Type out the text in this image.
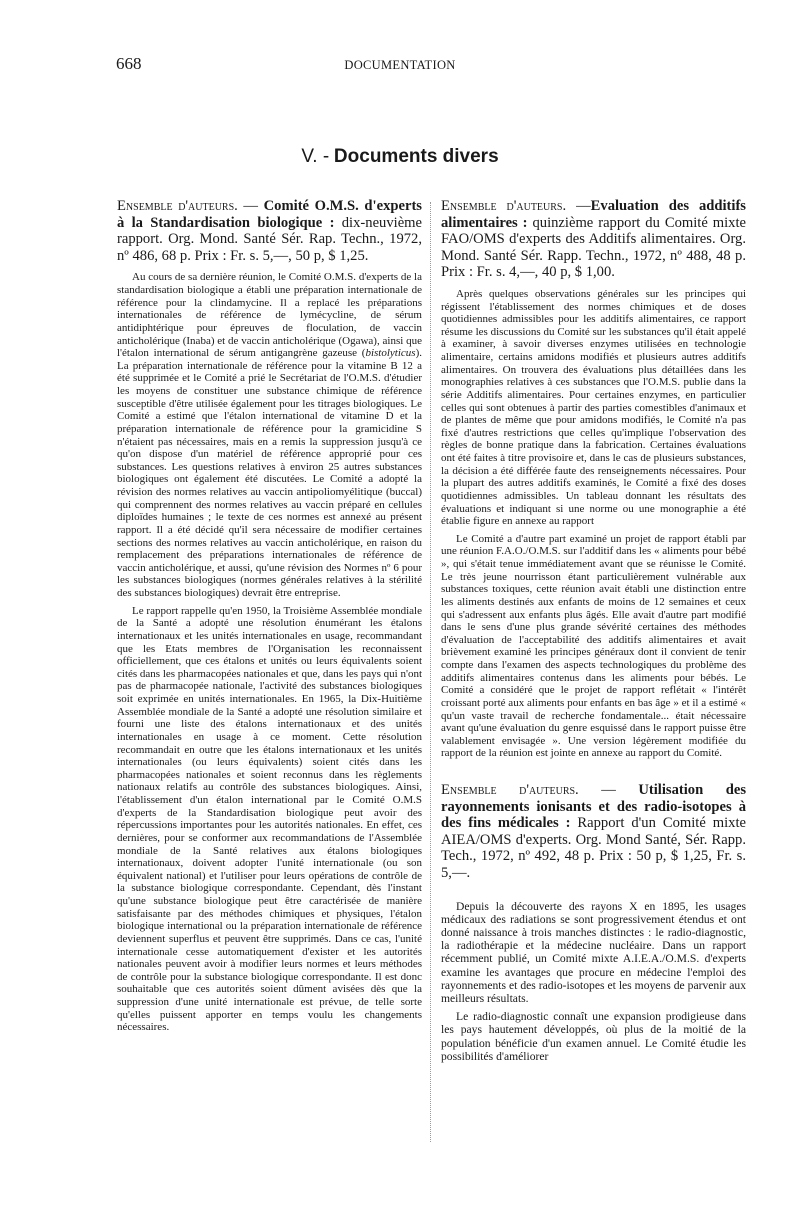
668	DOCUMENTATION
V. - Documents divers
Ensemble d'auteurs. — Comité O.M.S. d'experts à la Standardisation biologique : dix-neuvième rapport. Org. Mond. Santé Sér. Rap. Techn., 1972, nº 486, 68 p. Prix : Fr. s. 5,—, 50 p, $ 1,25.

Au cours de sa dernière réunion, le Comité O.M.S. d'experts de la standardisation biologique a établi une préparation internationale de référence pour la clindamycine. Il a replacé les préparations internationales de référence de lymécycline, de sérum antidiphtérique pour épreuves de floculation, de vaccin anticholérique (Inaba) et de vaccin anticholérique (Ogawa), ainsi que l'étalon international de sérum antigangrène gazeuse (bistolyticus). La préparation internationale de référence pour la vitamine B 12 a été supprimée et le Comité a prié le Secrétariat de l'O.M.S. d'étudier les moyens de constituer une substance chimique de référence susceptible d'être utilisée également pour les titrages biologiques. Le Comité a estimé que l'étalon international de vitamine D et la préparation internationale de référence pour la gramicidine S n'étaient pas nécessaires, mais en a remis la suppression jusqu'à ce qu'on dispose d'un matériel de référence approprié pour ces substances. Les questions relatives à environ 25 autres substances biologiques ont également été discutées. Le Comité a adopté la révision des normes relatives au vaccin antipoliomyélitique (buccal) qui comprennent des normes relatives au vaccin préparé en cellules diploïdes humaines ; le texte de ces normes est annexé au présent rapport. Il a été décidé qu'il sera nécessaire de modifier certaines sections des normes relatives au vaccin anticholérique, en raison du remplacement des préparations internationales de référence de vaccin anticholérique, et aussi, qu'une révision des Normes nº 6 pour les substances biologiques (normes générales relatives à la stérilité des substances biologiques) devrait être entreprise.

Le rapport rappelle qu'en 1950, la Troisième Assemblée mondiale de la Santé a adopté une résolution énumérant les étalons internationaux et les unités internationales en usage, recommandant que les Etats membres de l'Organisation les reconnaissent officiellement, que ces étalons et unités ou leurs équivalents soient cités dans les pharmacopées nationales et que, dans les pays qui n'ont pas de pharmacopée nationale, l'activité des substances biologiques soit exprimée en unités internationales. En 1965, la Dix-Huitième Assemblée mondiale de la Santé a adopté une résolution similaire et fourni une liste des étalons internationaux et des unités internationales en usage à ce moment. Cette résolution recommandait en outre que les étalons internationaux et les unités internationales (ou leurs équivalents) soient cités dans les pharmacopées nationales et soient reconnus dans les règlements nationaux relatifs au contrôle des substances biologiques. Ainsi, l'établissement d'un étalon international par le Comité O.M.S d'experts de la Standardisation biologique peut avoir des répercussions importantes pour les autorités nationales. En effet, ces dernières, pour se conformer aux recommandations de l'Assemblée mondiale de la Santé relatives aux étalons biologiques internationaux, doivent adopter l'unité internationale (ou son équivalent national) et l'utiliser pour leurs opérations de contrôle de la substance biologique correspondante. Cependant, dès l'instant qu'une substance biologique peut être caractérisée de manière satisfaisante par des méthodes chimiques et physiques, l'étalon biologique international ou la préparation internationale de référence deviennent superflus et peuvent être supprimés. Dans ce cas, l'unité internationale cesse automatiquement d'exister et les autorités nationales peuvent avoir à modifier leurs normes et leurs méthodes de contrôle pour la substance biologique correspondante. Il est donc souhaitable que ces autorités soient dûment avisées dès que la suppression d'une unité internationale est prévue, de telle sorte qu'elles puissent apporter en temps voulu les changements nécessaires.

Ensemble d'auteurs. —Evaluation des additifs alimentaires : quinzième rapport du Comité mixte FAO/OMS d'experts des Additifs alimentaires. Org. Mond. Santé Sér. Rapp. Techn., 1972, nº 488, 48 p. Prix : Fr. s. 4,—, 40 p, $ 1,00.

Après quelques observations générales sur les principes qui régissent l'établissement des normes chimiques et de doses quotidiennes admissibles pour les additifs alimentaires, ce rapport résume les discussions du Comité sur les substances qu'il était appelé à examiner, à savoir diverses enzymes utilisées en technologie alimentaire, certains amidons modifiés et plusieurs autres additifs alimentaires. On trouvera des évaluations plus détaillées dans les monographies relatives à ces substances que l'O.M.S. publie dans la série Additifs alimentaires. Pour certaines enzymes, en particulier celles qui sont obtenues à partir des parties comestibles d'animaux et de plantes de même que pour amidons modifiés, le Comité n'a pas fixé d'autres restrictions que celles qu'implique l'observation des règles de bonne pratique dans la fabrication. Certaines évaluations ont été faites à titre provisoire et, dans le cas de plusieurs substances, la décision a été différée faute des renseignements nécessaires. Pour la plupart des autres additifs examinés, le Comité a fixé des doses quotidiennes admissibles. Un tableau donnant les résultats des évaluations et indiquant si une norme ou une monographie a été établie figure en annexe au rapport

Le Comité a d'autre part examiné un projet de rapport établi par une réunion F.A.O./O.M.S. sur l'additif dans les « aliments pour bébé », qui s'était tenue immédiatement avant que se réunisse le Comité. Le très jeune nourrisson étant particulièrement vulnérable aux substances toxiques, cette réunion avait établi une distinction entre les aliments destinés aux enfants de moins de 12 semaines et ceux qui s'adressent aux enfants plus âgés. Elle avait d'autre part modifié dans le sens d'une plus grande sévérité certaines des méthodes d'évaluation de l'acceptabilité des additifs alimentaires et avait brièvement examiné les principes généraux dont il convient de tenir compte dans l'examen des aspects technologiques du problème des additifs alimentaires contenus dans les aliments pour bébés. Le Comité a considéré que le projet de rapport reflétait « l'intérêt croissant porté aux aliments pour enfants en bas âge » et il a estimé « qu'un vaste travail de recherche fondamentale... était nécessaire avant qu'une évaluation du genre esquissé dans le rapport puisse être valablement envisagée ». Une version légèrement modifiée du rapport de la réunion est jointe en annexe au rapport du Comité.

Ensemble d'auteurs. — Utilisation des rayonnements ionisants et des radio-isotopes à des fins médicales : Rapport d'un Comité mixte AIEA/OMS d'experts. Org. Mond Santé, Sér. Rapp. Tech., 1972, nº 492, 48 p. Prix : 50 p, $ 1,25, Fr. s. 5,—.

Depuis la découverte des rayons X en 1895, les usages médicaux des radiations se sont progressivement étendus et ont donné naissance à trois manches distinctes : le radio-diagnostic, la radiothérapie et la médecine nucléaire. Dans un rapport récemment publié, un Comité mixte A.I.E.A./O.M.S. d'experts examine les avantages que procure en médecine l'emploi des rayonnements et des radio-isotopes et les moyens de parvenir aux meilleurs résultats.

Le radio-diagnostic connaît une expansion prodigieuse dans les pays hautement développés, où plus de la moitié de la population bénéficie d'un examen annuel. Le Comité étudie les possibilités d'améliorer
